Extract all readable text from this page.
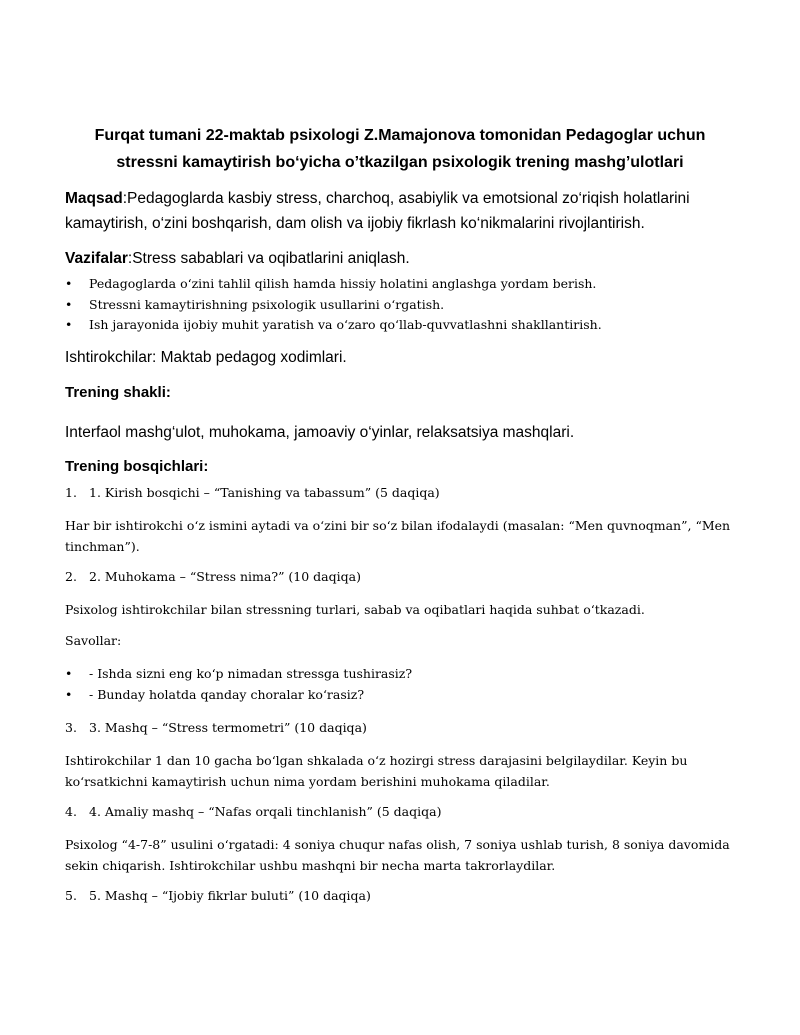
Furqat tumani 22-maktab psixologi Z.Mamajonova tomonidan Pedagoglar uchun
stressni kamaytirish bo‘yicha o’tkazilgan psixologik trening mashg’ulotlari
Maqsad:Pedagoglarda kasbiy stress, charchoq, asabiylik va emotsional zo‘riqish holatlarini kamaytirish, o‘zini boshqarish, dam olish va ijobiy fikrlash ko‘nikmalarini rivojlantirish.
Vazifalar:Stress sabablari va oqibatlarini aniqlash.
• Pedagoglarda o‘zini tahlil qilish hamda hissiy holatini anglashga yordam berish.
• Stressni kamaytirishning psixologik usullarini o‘rgatish.
• Ish jarayonida ijobiy muhit yaratish va o‘zaro qo‘llab-quvvatlashni shakllantirish.
Ishtirokchilar: Maktab pedagog xodimlari.
Trening shakli:
Interfaol mashg‘ulot, muhokama, jamoaviy o‘yinlar, relaksatsiya mashqlari.
Trening bosqichlari:
1. 1. Kirish bosqichi – “Tanishing va tabassum” (5 daqiqa)
Har bir ishtirokchi o‘z ismini aytadi va o‘zini bir so‘z bilan ifodalaydi (masalan: “Men quvnoqman”, “Men tinchman”).
2. 2. Muhokama – “Stress nima?” (10 daqiqa)
Psixolog ishtirokchilar bilan stressning turlari, sabab va oqibatlari haqida suhbat o‘tkazadi.
Savollar:
• - Ishda sizni eng ko‘p nimadan stressga tushirasiz?
• - Bunday holatda qanday choralar ko‘rasiz?
3. 3. Mashq – “Stress termometri” (10 daqiqa)
Ishtirokchilar 1 dan 10 gacha bo‘lgan shkalada o‘z hozirgi stress darajasini belgilaydilar. Keyin bu ko‘rsatkichni kamaytirish uchun nima yordam berishini muhokama qiladilar.
4. 4. Amaliy mashq – “Nafas orqali tinchlanish” (5 daqiqa)
Psixolog “4-7-8” usulini o‘rgatadi: 4 soniya chuqur nafas olish, 7 soniya ushlab turish, 8 soniya davomida sekin chiqarish. Ishtirokchilar ushbu mashqni bir necha marta takrorlaydilar.
5. 5. Mashq – “Ijobiy fikrlar buluti” (10 daqiqa)
